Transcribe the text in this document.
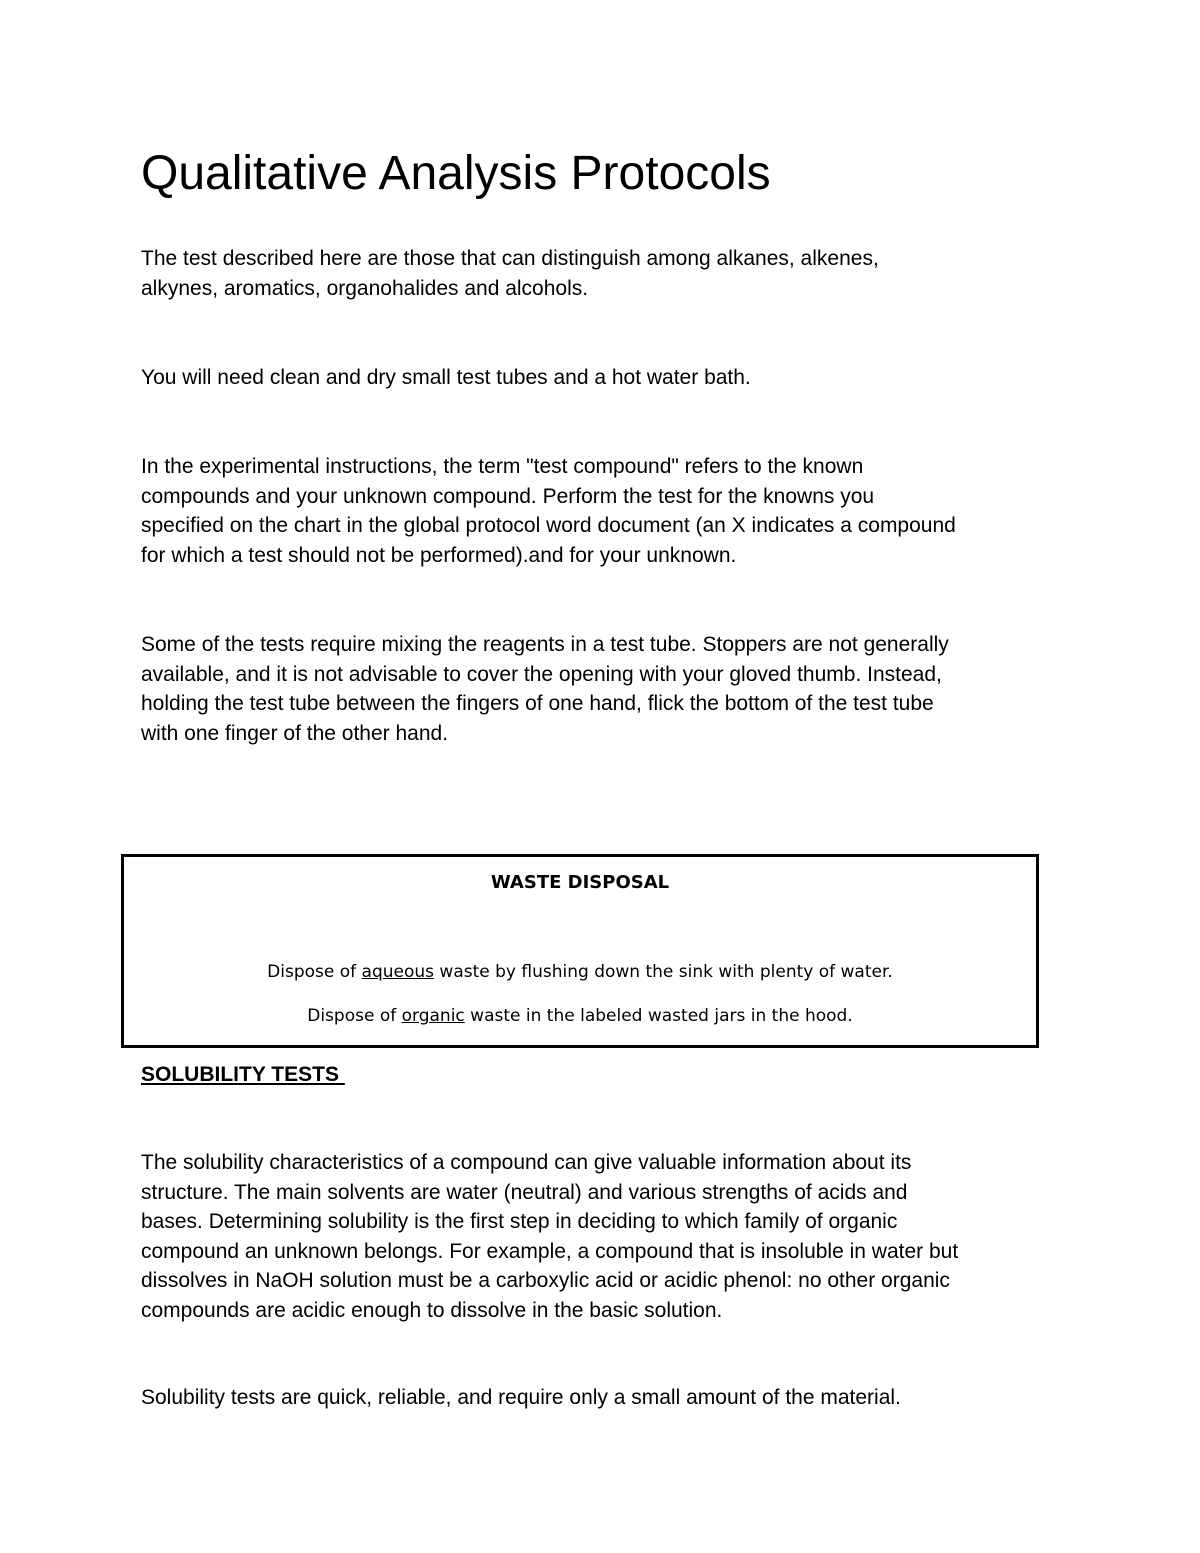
Qualitative Analysis Protocols

The test described here are those that can distinguish among alkanes, alkenes,
alkynes, aromatics, organohalides and alcohols.

You will need clean and dry small test tubes and a hot water bath.

In the experimental instructions, the term "test compound" refers to the known
compounds and your unknown compound. Perform the test for the knowns you
specified on the chart in the global protocol word document (an X indicates a compound
for which a test should not be performed).and for your unknown.

Some of the tests require mixing the reagents in a test tube. Stoppers are not generally
available, and it is not advisable to cover the opening with your gloved thumb. Instead,
holding the test tube between the fingers of one hand, flick the bottom of the test tube
with one finger of the other hand.

WASTE DISPOSAL

Dispose of aqueous waste by flushing down the sink with plenty of water.

Dispose of organic waste in the labeled wasted jars in the hood.

SOLUBILITY TESTS

The solubility characteristics of a compound can give valuable information about its
structure. The main solvents are water (neutral) and various strengths of acids and
bases. Determining solubility is the first step in deciding to which family of organic
compound an unknown belongs. For example, a compound that is insoluble in water but
dissolves in NaOH solution must be a carboxylic acid or acidic phenol: no other organic
compounds are acidic enough to dissolve in the basic solution.

Solubility tests are quick, reliable, and require only a small amount of the material.
